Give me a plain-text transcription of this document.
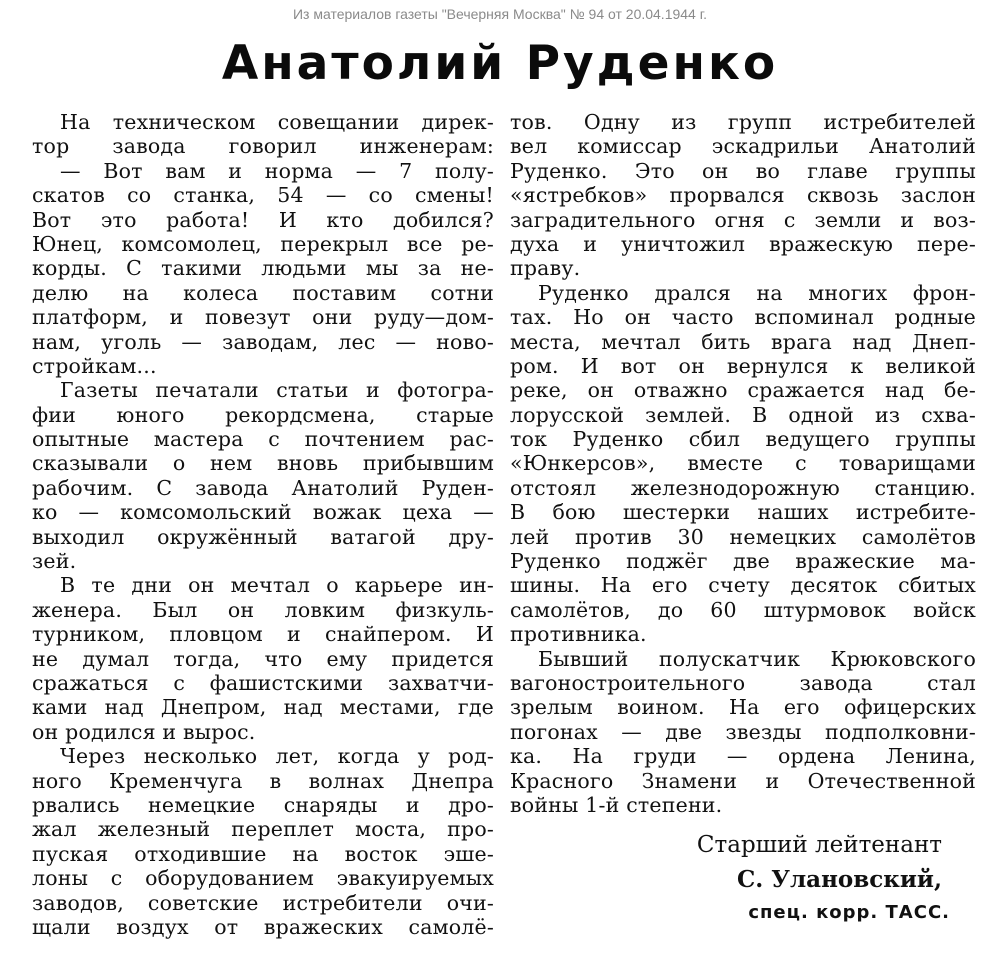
Из материалов газеты "Вечерняя Москва" № 94 от 20.04.1944 г.
Анатолий Руденко
На техническом совещании дирек-
тор завода говорил инженерам:
— Вот вам и норма — 7 полу-
скатов со станка, 54 — со смены!
Вот это работа! И кто добился?
Юнец, комсомолец, перекрыл все ре-
корды. С такими людьми мы за не-
делю на колеса поставим сотни
платформ, и повезут они руду—дом-
нам, уголь — заводам, лес — ново-
стройкам...
Газеты печатали статьи и фотогра-
фии юного рекордсмена, старые
опытные мастера с почтением рас-
сказывали о нем вновь прибывшим
рабочим. С завода Анатолий Руден-
ко — комсомольский вожак цеха —
выходил окружённый ватагой дру-
зей.
В те дни он мечтал о карьере ин-
женера. Был он ловким физкуль-
турником, пловцом и снайпером. И
не думал тогда, что ему придется
сражаться с фашистскими захватчи-
ками над Днепром, над местами, где
он родился и вырос.
Через несколько лет, когда у род-
ного Кременчуга в волнах Днепра
рвались немецкие снаряды и дро-
жал железный переплет моста, про-
пуская отходившие на восток эше-
лоны с оборудованием эвакуируемых
заводов, советские истребители очи-
щали воздух от вражеских самолё-
тов. Одну из групп истребителей
вел комиссар эскадрильи Анатолий
Руденко. Это он во главе группы
«ястребков» прорвался сквозь заслон
заградительного огня с земли и воз-
духа и уничтожил вражескую пере-
праву.
Руденко дрался на многих фрон-
тах. Но он часто вспоминал родные
места, мечтал бить врага над Днеп-
ром. И вот он вернулся к великой
реке, он отважно сражается над бе-
лорусской землей. В одной из схва-
ток Руденко сбил ведущего группы
«Юнкерсов», вместе с товарищами
отстоял железнодорожную станцию.
В бою шестерки наших истребите-
лей против 30 немецких самолётов
Руденко поджёг две вражеские ма-
шины. На его счету десяток сбитых
самолётов, до 60 штурмовок войск
противника.
Бывший полускатчик Крюковского
вагоностроительного завода стал
зрелым воином. На его офицерских
погонах — две звезды подполковни-
ка. На груди — ордена Ленина,
Красного Знамени и Отечественной
войны 1-й степени.
Старший лейтенант
С. Улановский,
спец. корр. ТАСС.
